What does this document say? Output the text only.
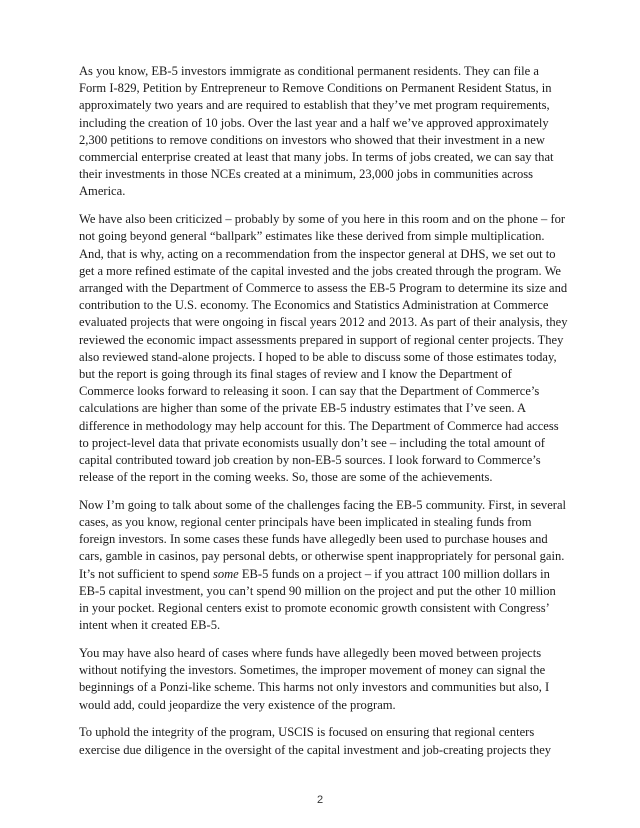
As you know, EB-5 investors immigrate as conditional permanent residents. They can file a
Form I-829, Petition by Entrepreneur to Remove Conditions on Permanent Resident Status, in
approximately two years and are required to establish that they’ve met program requirements,
including the creation of 10 jobs. Over the last year and a half we’ve approved approximately
2,300 petitions to remove conditions on investors who showed that their investment in a new
commercial enterprise created at least that many jobs. In terms of jobs created, we can say that
their investments in those NCEs created at a minimum, 23,000 jobs in communities across
America.

We have also been criticized – probably by some of you here in this room and on the phone – for
not going beyond general “ballpark” estimates like these derived from simple multiplication.
And, that is why, acting on a recommendation from the inspector general at DHS, we set out to
get a more refined estimate of the capital invested and the jobs created through the program. We
arranged with the Department of Commerce to assess the EB-5 Program to determine its size and
contribution to the U.S. economy. The Economics and Statistics Administration at Commerce
evaluated projects that were ongoing in fiscal years 2012 and 2013. As part of their analysis, they
reviewed the economic impact assessments prepared in support of regional center projects. They
also reviewed stand-alone projects. I hoped to be able to discuss some of those estimates today,
but the report is going through its final stages of review and I know the Department of
Commerce looks forward to releasing it soon. I can say that the Department of Commerce’s
calculations are higher than some of the private EB-5 industry estimates that I’ve seen. A
difference in methodology may help account for this. The Department of Commerce had access
to project-level data that private economists usually don’t see – including the total amount of
capital contributed toward job creation by non-EB-5 sources. I look forward to Commerce’s
release of the report in the coming weeks. So, those are some of the achievements.

Now I’m going to talk about some of the challenges facing the EB-5 community. First, in several
cases, as you know, regional center principals have been implicated in stealing funds from
foreign investors. In some cases these funds have allegedly been used to purchase houses and
cars, gamble in casinos, pay personal debts, or otherwise spent inappropriately for personal gain.
It’s not sufficient to spend some EB-5 funds on a project – if you attract 100 million dollars in
EB-5 capital investment, you can’t spend 90 million on the project and put the other 10 million
in your pocket. Regional centers exist to promote economic growth consistent with Congress’
intent when it created EB-5.

You may have also heard of cases where funds have allegedly been moved between projects
without notifying the investors. Sometimes, the improper movement of money can signal the
beginnings of a Ponzi-like scheme. This harms not only investors and communities but also, I
would add, could jeopardize the very existence of the program.

To uphold the integrity of the program, USCIS is focused on ensuring that regional centers
exercise due diligence in the oversight of the capital investment and job-creating projects they

2
